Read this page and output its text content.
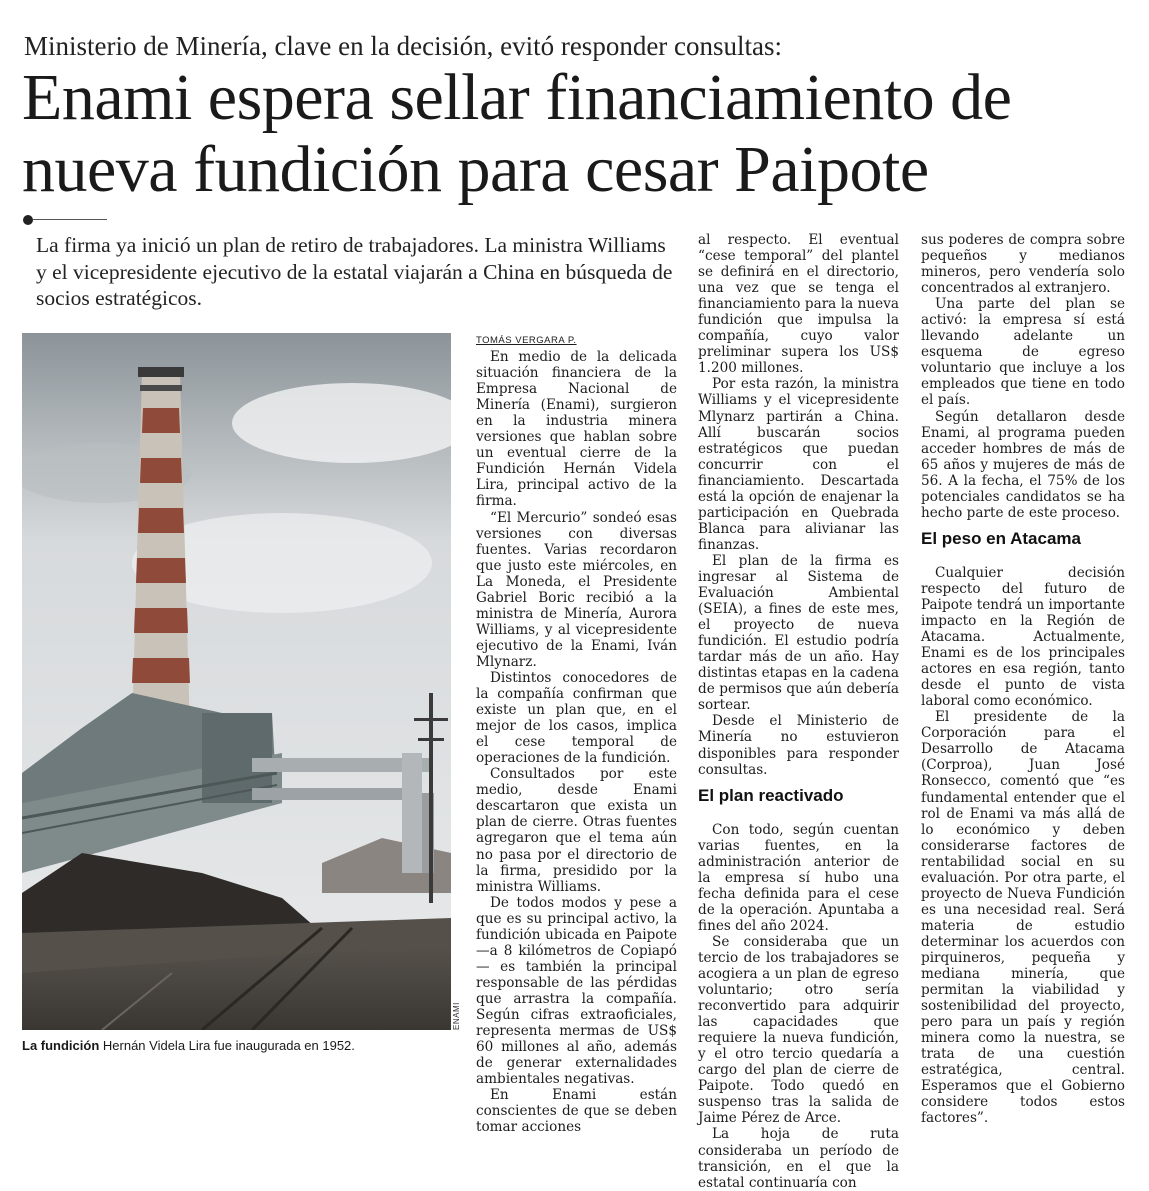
Ministerio de Minería, clave en la decisión, evitó responder consultas:
Enami espera sellar financiamiento de nueva fundición para cesar Paipote
La firma ya inició un plan de retiro de trabajadores. La ministra Williams y el vicepresidente ejecutivo de la estatal viajarán a China en búsqueda de socios estratégicos.
ENAMI
La fundición Hernán Videla Lira fue inaugurada en 1952.

TOMÁS VERGARA P.

En medio de la delicada situación financiera de la Empresa Nacional de Minería (Enami), surgieron en la industria minera versiones que hablan sobre un eventual cierre de la Fundición Hernán Videla Lira, principal activo de la firma.

“El Mercurio” sondeó esas versiones con diversas fuentes. Varias recordaron que justo este miércoles, en La Moneda, el Presidente Gabriel Boric recibió a la ministra de Minería, Aurora Williams, y al vicepresidente ejecutivo de la Enami, Iván Mlynarz.

Distintos conocedores de la compañía confirman que existe un plan que, en el mejor de los casos, implica el cese temporal de operaciones de la fundición.

Consultados por este medio, desde Enami descartaron que exista un plan de cierre. Otras fuentes agregaron que el tema aún no pasa por el directorio de la firma, presidido por la ministra Williams.

De todos modos y pese a que es su principal activo, la fundición ubicada en Paipote —a 8 kilómetros de Copiapó— es también la principal responsable de las pérdidas que arrastra la compañía. Según cifras extraoficiales, representa mermas de US$ 60 millones al año, además de generar externalidades ambientales negativas.

En Enami están conscientes de que se deben tomar acciones

al respecto. El eventual “cese temporal” del plantel se definirá en el directorio, una vez que se tenga el financiamiento para la nueva fundición que impulsa la compañía, cuyo valor preliminar supera los US$ 1.200 millones.

Por esta razón, la ministra Williams y el vicepresidente Mlynarz partirán a China. Allí buscarán socios estratégicos que puedan concurrir con el financiamiento. Descartada está la opción de enajenar la participación en Quebrada Blanca para alivianar las finanzas.

El plan de la firma es ingresar al Sistema de Evaluación Ambiental (SEIA), a fines de este mes, el proyecto de nueva fundición. El estudio podría tardar más de un año. Hay distintas etapas en la cadena de permisos que aún debería sortear.

Desde el Ministerio de Minería no estuvieron disponibles para responder consultas.

El plan reactivado

Con todo, según cuentan varias fuentes, en la administración anterior de la empresa sí hubo una fecha definida para el cese de la operación. Apuntaba a fines del año 2024.

Se consideraba que un tercio de los trabajadores se acogiera a un plan de egreso voluntario; otro sería reconvertido para adquirir las capacidades que requiere la nueva fundición, y el otro tercio quedaría a cargo del plan de cierre de Paipote. Todo quedó en suspenso tras la salida de Jaime Pérez de Arce.

La hoja de ruta consideraba un período de transición, en el que la estatal continuaría con

sus poderes de compra sobre pequeños y medianos mineros, pero vendería solo concentrados al extranjero.

Una parte del plan se activó: la empresa sí está llevando adelante un esquema de egreso voluntario que incluye a los empleados que tiene en todo el país.

Según detallaron desde Enami, al programa pueden acceder hombres de más de 65 años y mujeres de más de 56. A la fecha, el 75% de los potenciales candidatos se ha hecho parte de este proceso.

El peso en Atacama

Cualquier decisión respecto del futuro de Paipote tendrá un importante impacto en la Región de Atacama. Actualmente, Enami es de los principales actores en esa región, tanto desde el punto de vista laboral como económico.

El presidente de la Corporación para el Desarrollo de Atacama (Corproa), Juan José Ronsecco, comentó que “es fundamental entender que el rol de Enami va más allá de lo económico y deben considerarse factores de rentabilidad social en su evaluación. Por otra parte, el proyecto de Nueva Fundición es una necesidad real. Será materia de estudio determinar los acuerdos con pirquineros, pequeña y mediana minería, que permitan la viabilidad y sostenibilidad del proyecto, pero para un país y región minera como la nuestra, se trata de una cuestión estratégica, central. Esperamos que el Gobierno considere todos estos factores”.
